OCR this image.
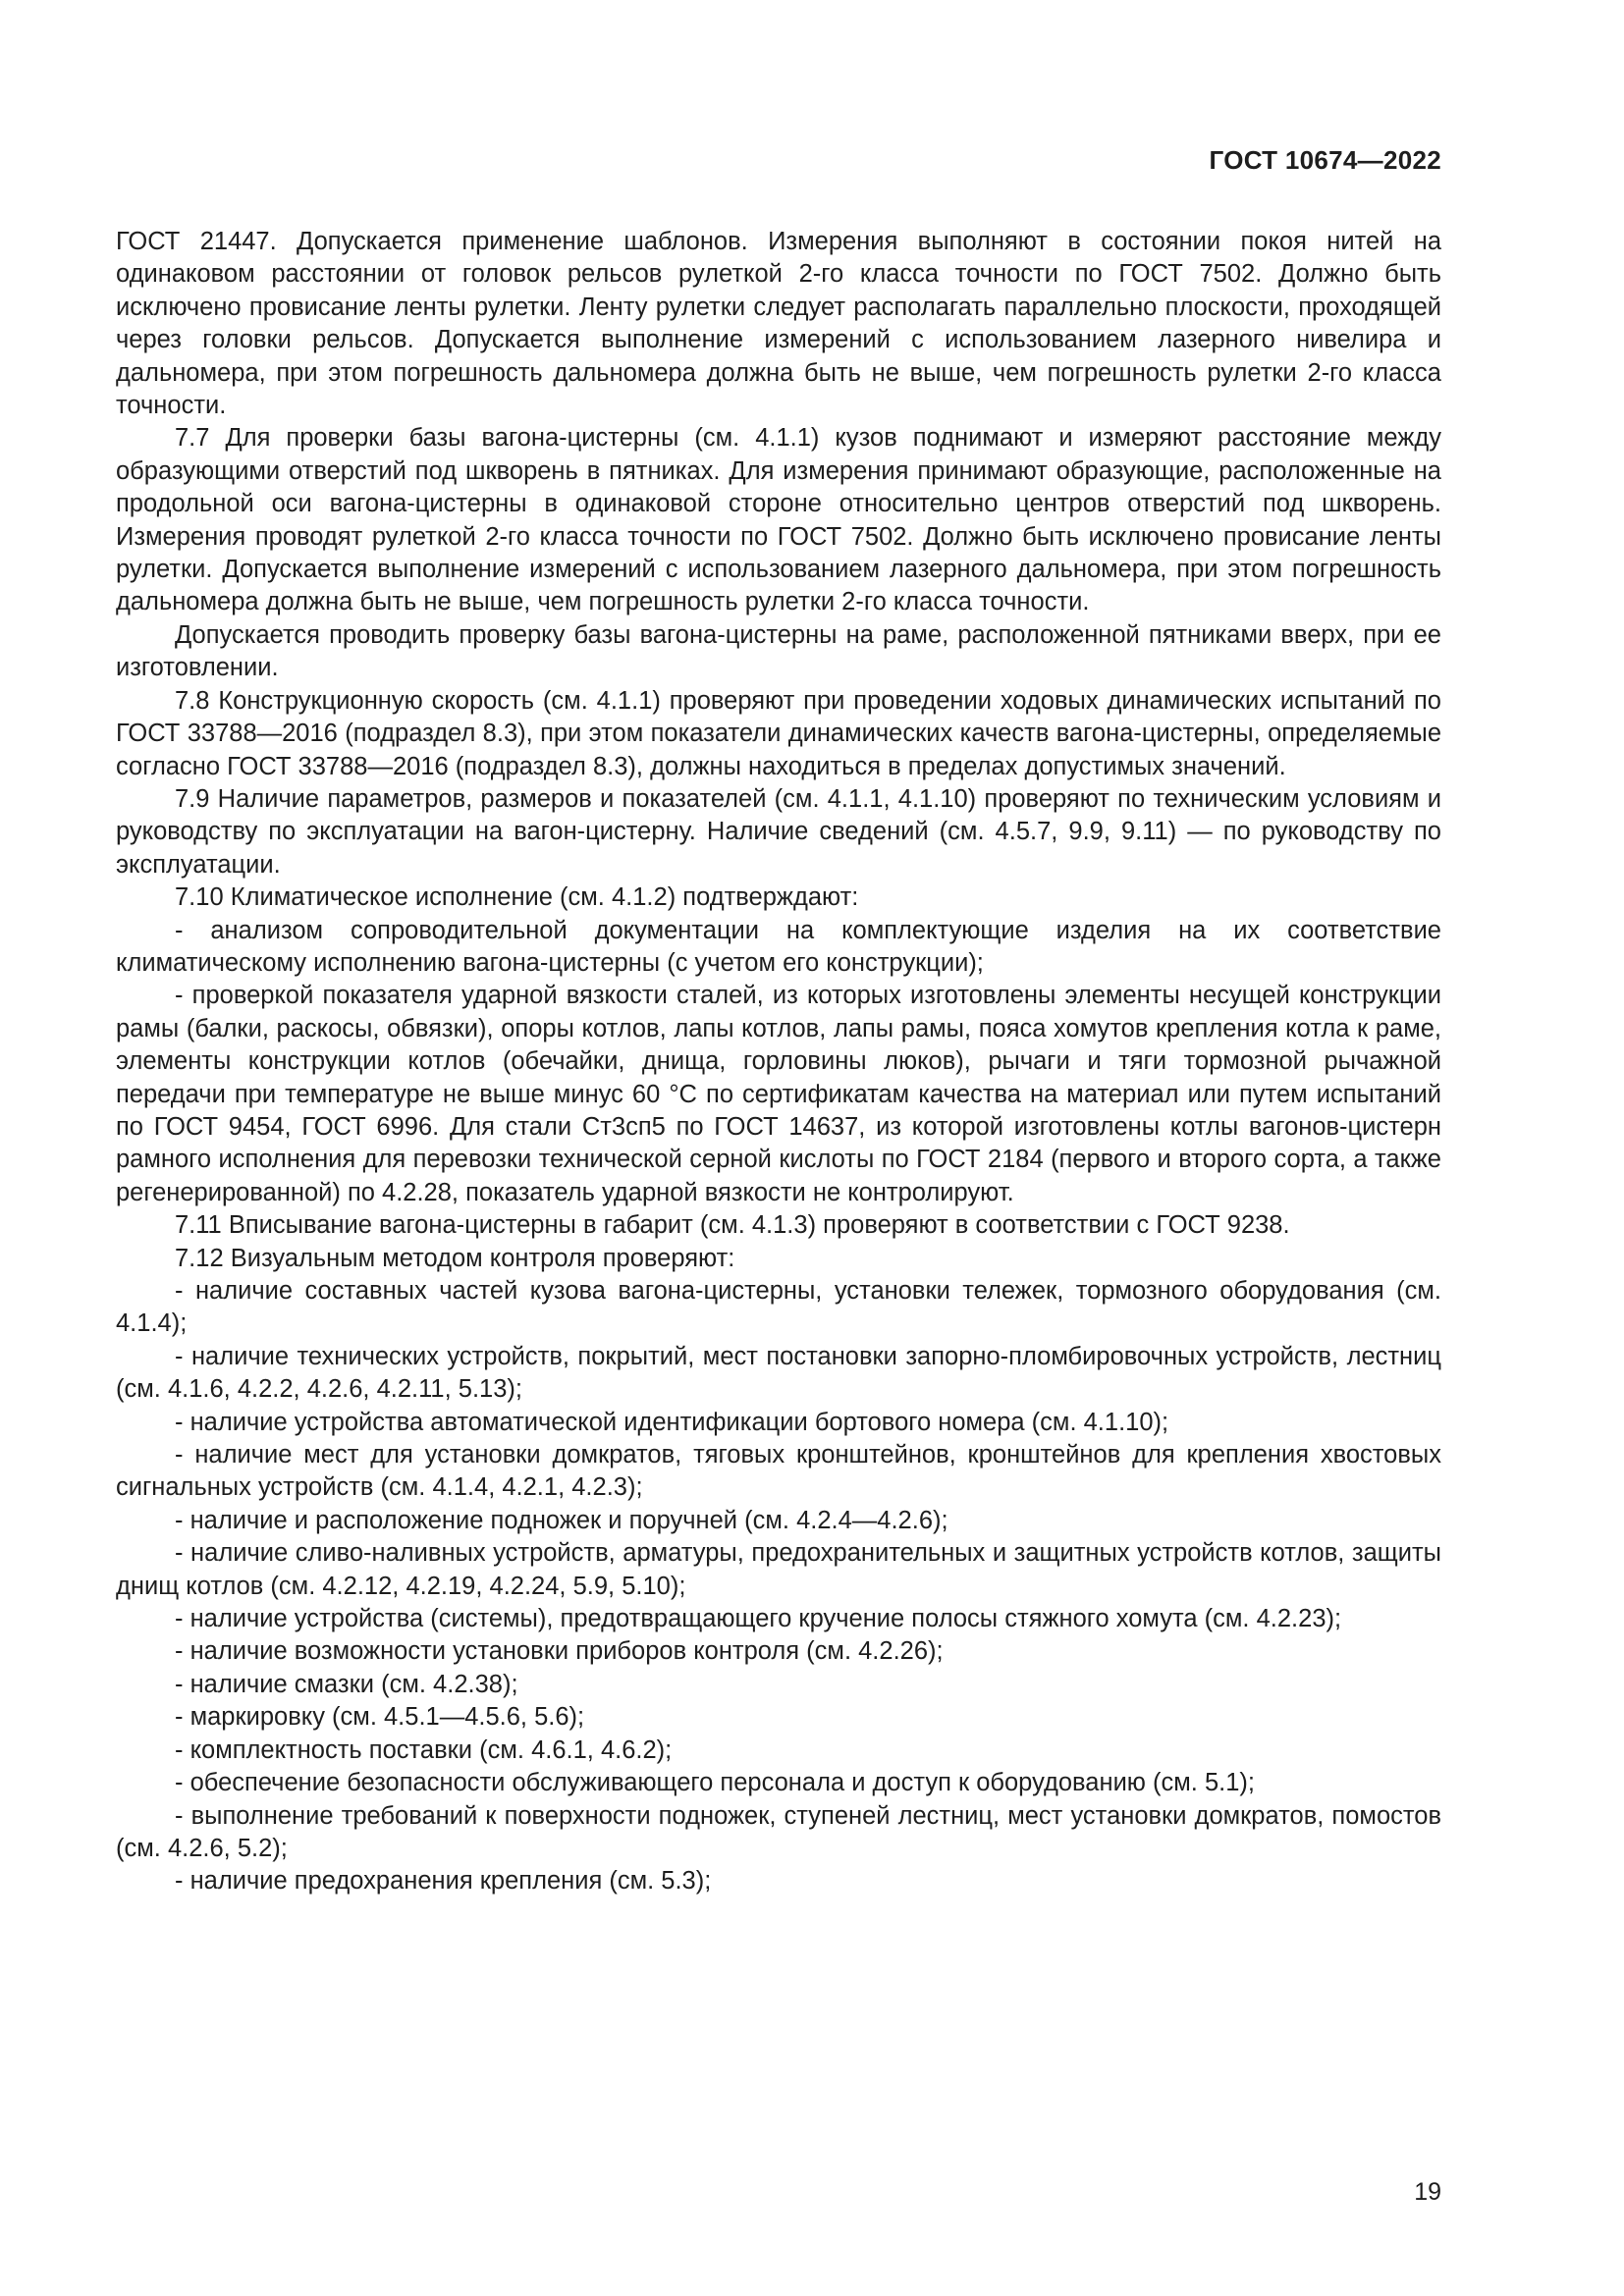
ГОСТ 10674—2022

ГОСТ 21447. Допускается применение шаблонов. Измерения выполняют в состоянии покоя нитей на одинаковом расстоянии от головок рельсов рулеткой 2-го класса точности по ГОСТ 7502. Должно быть исключено провисание ленты рулетки. Ленту рулетки следует располагать параллельно плоскости, проходящей через головки рельсов. Допускается выполнение измерений с использованием лазерного нивелира и дальномера, при этом погрешность дальномера должна быть не выше, чем погрешность рулетки 2-го класса точности.

7.7 Для проверки базы вагона-цистерны (см. 4.1.1) кузов поднимают и измеряют расстояние между образующими отверстий под шкворень в пятниках. Для измерения принимают образующие, расположенные на продольной оси вагона-цистерны в одинаковой стороне относительно центров отверстий под шкворень. Измерения проводят рулеткой 2-го класса точности по ГОСТ 7502. Должно быть исключено провисание ленты рулетки. Допускается выполнение измерений с использованием лазерного дальномера, при этом погрешность дальномера должна быть не выше, чем погрешность рулетки 2-го класса точности.

Допускается проводить проверку базы вагона-цистерны на раме, расположенной пятниками вверх, при ее изготовлении.

7.8 Конструкционную скорость (см. 4.1.1) проверяют при проведении ходовых динамических испытаний по ГОСТ 33788—2016 (подраздел 8.3), при этом показатели динамических качеств вагона-цистерны, определяемые согласно ГОСТ 33788—2016 (подраздел 8.3), должны находиться в пределах допустимых значений.

7.9 Наличие параметров, размеров и показателей (см. 4.1.1, 4.1.10) проверяют по техническим условиям и руководству по эксплуатации на вагон-цистерну. Наличие сведений (см. 4.5.7, 9.9, 9.11) — по руководству по эксплуатации.

7.10 Климатическое исполнение (см. 4.1.2) подтверждают:

- анализом сопроводительной документации на комплектующие изделия на их соответствие климатическому исполнению вагона-цистерны (с учетом его конструкции);

- проверкой показателя ударной вязкости сталей, из которых изготовлены элементы несущей конструкции рамы (балки, раскосы, обвязки), опоры котлов, лапы котлов, лапы рамы, пояса хомутов крепления котла к раме, элементы конструкции котлов (обечайки, днища, горловины люков), рычаги и тяги тормозной рычажной передачи при температуре не выше минус 60 °С по сертификатам качества на материал или путем испытаний по ГОСТ 9454, ГОСТ 6996. Для стали Ст3сп5 по ГОСТ 14637, из которой изготовлены котлы вагонов-цистерн рамного исполнения для перевозки технической серной кислоты по ГОСТ 2184 (первого и второго сорта, а также регенерированной) по 4.2.28, показатель ударной вязкости не контролируют.

7.11 Вписывание вагона-цистерны в габарит (см. 4.1.3) проверяют в соответствии с ГОСТ 9238.

7.12 Визуальным методом контроля проверяют:

- наличие составных частей кузова вагона-цистерны, установки тележек, тормозного оборудования (см. 4.1.4);

- наличие технических устройств, покрытий, мест постановки запорно-пломбировочных устройств, лестниц (см. 4.1.6, 4.2.2, 4.2.6, 4.2.11, 5.13);

- наличие устройства автоматической идентификации бортового номера (см. 4.1.10);

- наличие мест для установки домкратов, тяговых кронштейнов, кронштейнов для крепления хвостовых сигнальных устройств (см. 4.1.4, 4.2.1, 4.2.3);

- наличие и расположение подножек и поручней (см. 4.2.4—4.2.6);

- наличие сливо-наливных устройств, арматуры, предохранительных и защитных устройств котлов, защиты днищ котлов (см. 4.2.12, 4.2.19, 4.2.24, 5.9, 5.10);

- наличие устройства (системы), предотвращающего кручение полосы стяжного хомута (см. 4.2.23);

- наличие возможности установки приборов контроля (см. 4.2.26);

- наличие смазки (см. 4.2.38);

- маркировку (см. 4.5.1—4.5.6, 5.6);

- комплектность поставки (см. 4.6.1, 4.6.2);

- обеспечение безопасности обслуживающего персонала и доступ к оборудованию (см. 5.1);

- выполнение требований к поверхности подножек, ступеней лестниц, мест установки домкратов, помостов (см. 4.2.6, 5.2);

- наличие предохранения крепления (см. 5.3);

19
